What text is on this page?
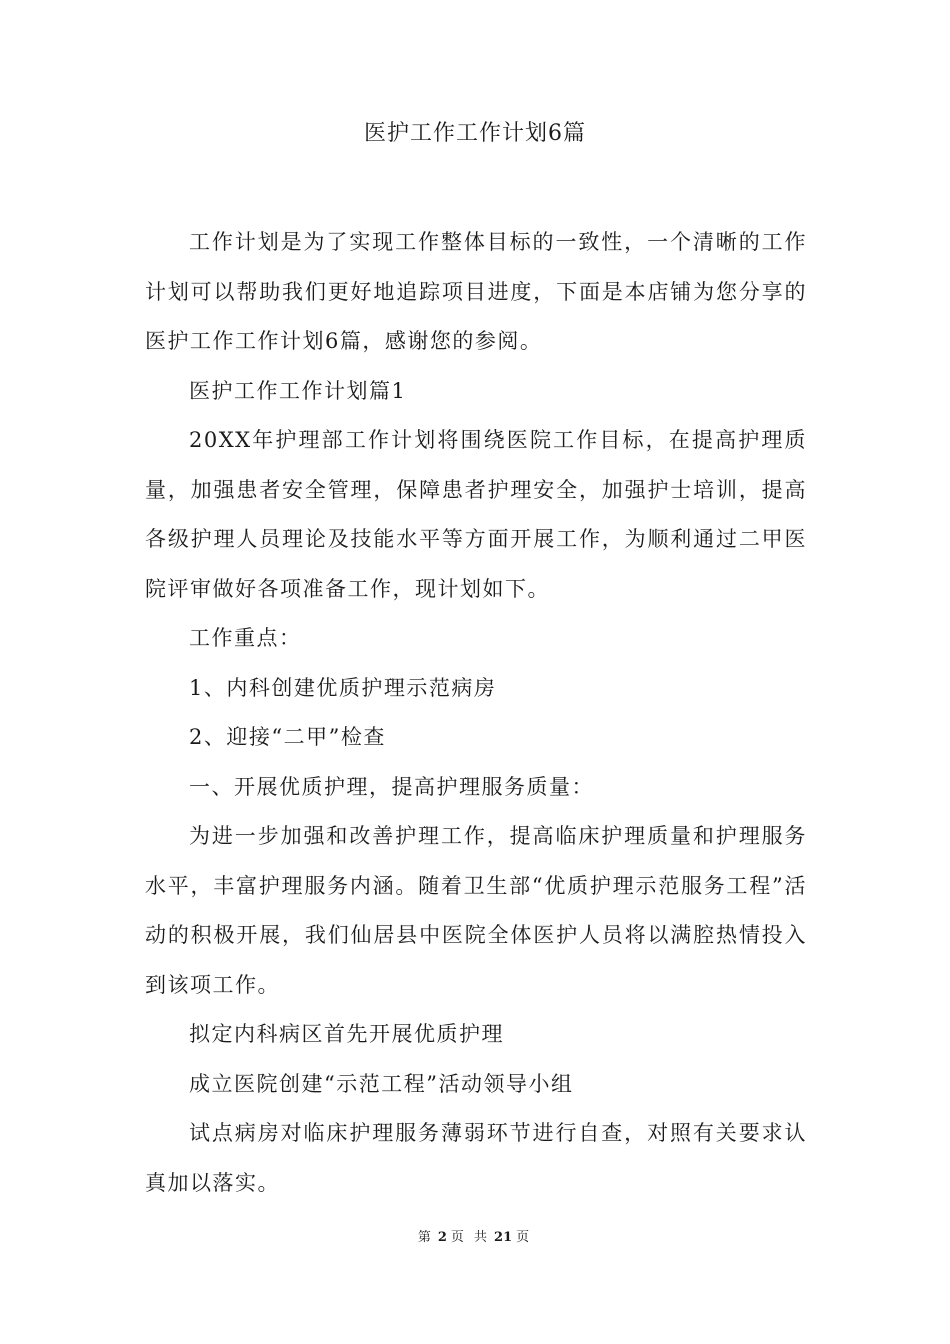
医护工作工作计划6篇

工作计划是为了实现工作整体目标的一致性，一个清晰的工作计划可以帮助我们更好地追踪项目进度，下面是本店铺为您分享的医护工作工作计划6篇，感谢您的参阅。

医护工作工作计划篇1

20XX年护理部工作计划将围绕医院工作目标，在提高护理质量，加强患者安全管理，保障患者护理安全，加强护士培训，提高各级护理人员理论及技能水平等方面开展工作，为顺利通过二甲医院评审做好各项准备工作，现计划如下。

工作重点：

1、内科创建优质护理示范病房

2、迎接“二甲”检查

一、开展优质护理，提高护理服务质量：

为进一步加强和改善护理工作，提高临床护理质量和护理服务水平，丰富护理服务内涵。随着卫生部“优质护理示范服务工程”活动的积极开展，我们仙居县中医院全体医护人员将以满腔热情投入到该项工作。

拟定内科病区首先开展优质护理

成立医院创建“示范工程”活动领导小组

试点病房对临床护理服务薄弱环节进行自查，对照有关要求认真加以落实。

第 2 页 共 21 页
